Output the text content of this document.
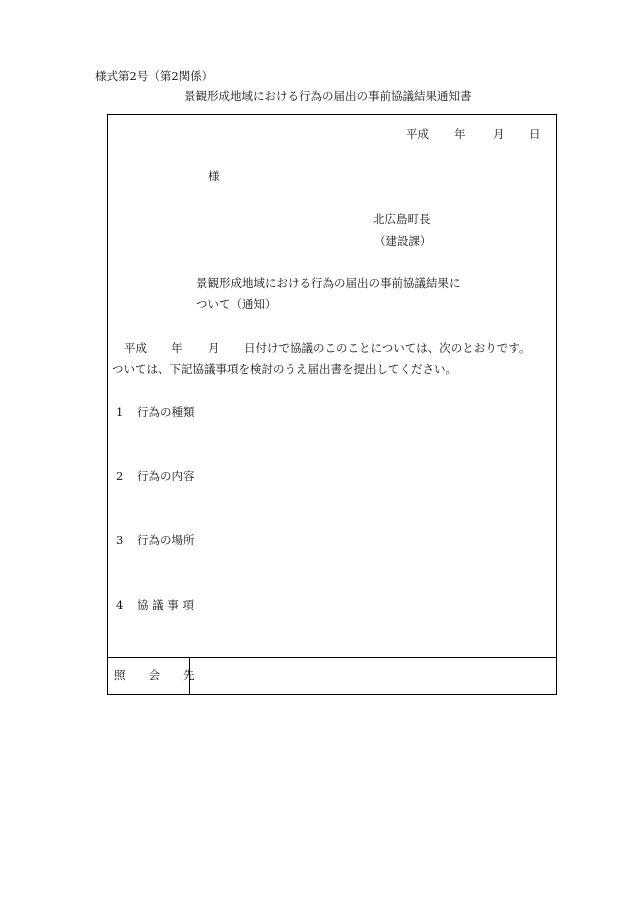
様式第2号（第2関係）
景観形成地域における行為の届出の事前協議結果通知書
平成 年 月 日
様
北広島町長
（建設課）
景観形成地域における行為の届出の事前協議結果に
ついて（通知）
平成 年 月 日付けで協議のこのことについては、次のとおりです。
ついては、下記協議事項を検討のうえ届出書を提出してください。
1 行為の種類
2 行為の内容
3 行為の場所
4 協 議 事 項
照　　会　　先
